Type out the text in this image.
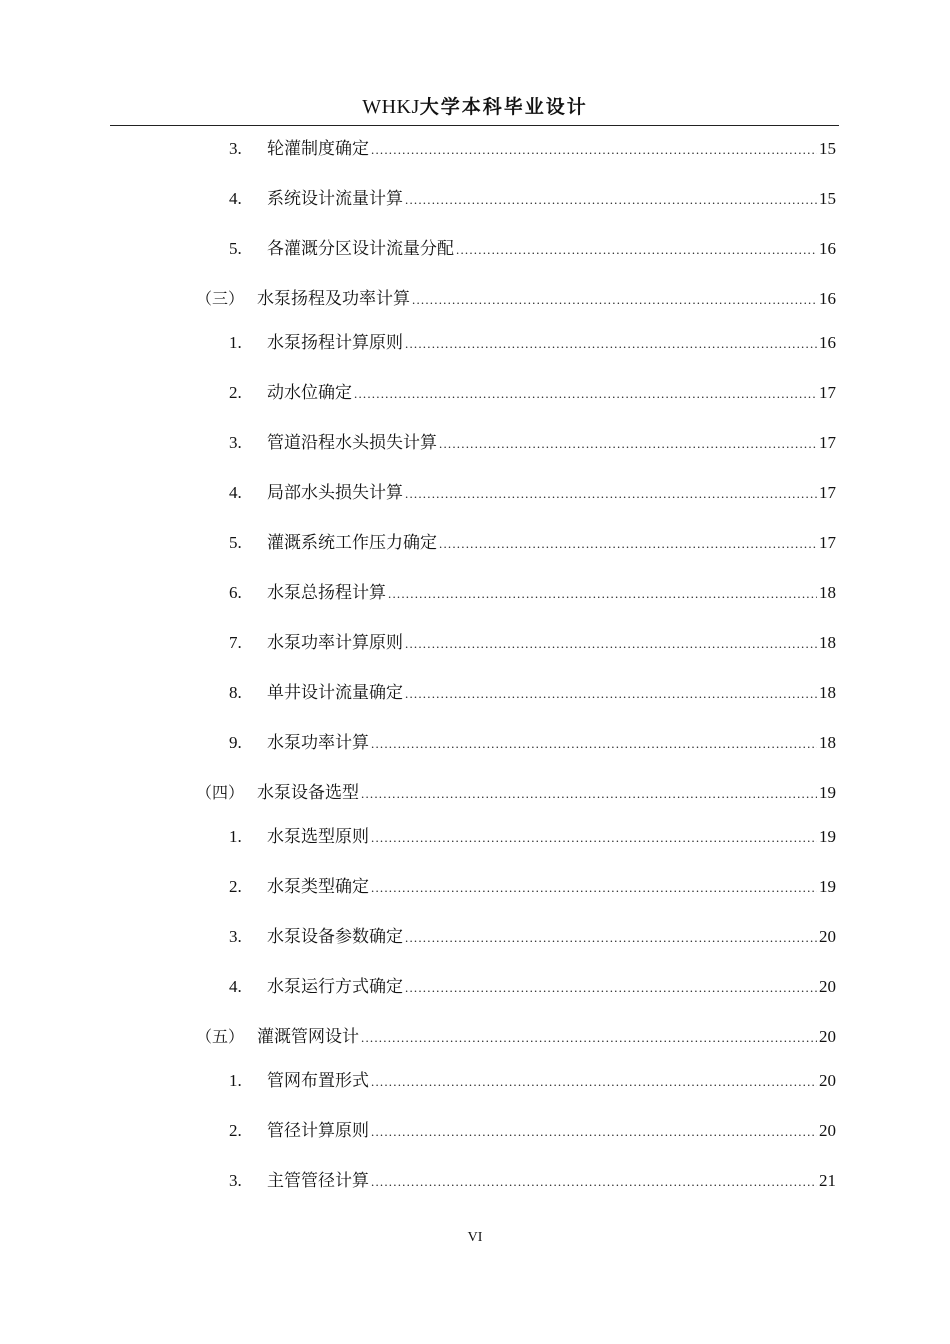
WHKJ大学本科毕业设计
3. 轮灌制度确定 .....	15
4. 系统设计流量计算 .....	15
5. 各灌溉分区设计流量分配 .....	16
（三） 水泵扬程及功率计算 .....	16
1. 水泵扬程计算原则 .....	16
2. 动水位确定 .....	17
3. 管道沿程水头损失计算 .....	17
4. 局部水头损失计算 .....	17
5. 灌溉系统工作压力确定 .....	17
6. 水泵总扬程计算 .....	18
7. 水泵功率计算原则 .....	18
8. 单井设计流量确定 .....	18
9. 水泵功率计算 .....	18
（四） 水泵设备选型 .....	19
1. 水泵选型原则 .....	19
2. 水泵类型确定 .....	19
3. 水泵设备参数确定 .....	20
4. 水泵运行方式确定 .....	20
（五） 灌溉管网设计 .....	20
1. 管网布置形式 .....	20
2. 管径计算原则 .....	20
3. 主管管径计算 .....	21
VI
